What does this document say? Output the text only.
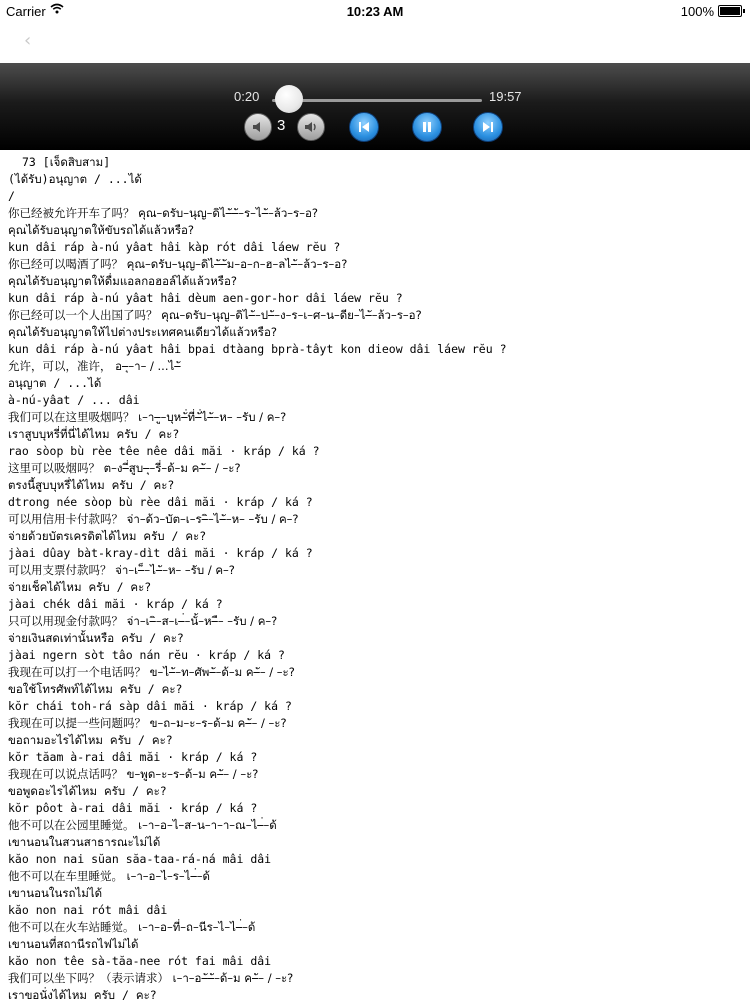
Carrier	10:23 AM	100%
‹
0:20	19:57
3
73 [เจ็ดสิบสาม]
(ได้รับ)อนุญาต / ...ได้
/
你已经被允许开车了吗？ คุณ–ดรับ–นุญ–ดิไ–ั–ั–ร–ไ–ั–ล้ว–ร–อ?
คุณได้รับอนุญาตให้ขับรถได้แล้วหรือ?
kun dâi ráp à-nú yâat hâi kàp rót dâi láew rĕu ?
你已经可以喝酒了吗？ คุณ–ดรับ–นุญ–ดิไ–ั–ัม–อ–ก–ฮ–ลไ–ั–ล้ว–ร–อ?
คุณได้รับอนุญาตให้ดื่มแอลกอฮอล์ได้แล้วหรือ?
kun dâi ráp à-nú yâat hâi dèum aen-gor-hor dâi láew rĕu ?
你已经可以一个人出国了吗？ คุณ–ดรับ–นุญ–ดิไ–ั–ป–ั–ง–ร–เ–ศ–น–ดีย–ไ–ั–ล้ว–ร–อ?
คุณได้รับอนุญาตให้ไปต่างประเทศคนเดียวได้แล้วหรือ?
kun dâi ráp à-nú yâat hâi bpai dtàang bprà-tâyt kon dieow dâi láew rĕu ?
允许，可以，准许， อ–ุ–า– / ...ไ–ั
อนุญาต / ...ได้
à-nú-yâat / ... dâi
我们可以在这里吸烟吗？ เ–า–ู–บุห–ั่ที่–ั่ไ–ั–ห– –รับ / ค–?
เราสูบบุหรี่ที่นี่ได้ไหม ครับ / คะ?
rao sòop bù rèe têe nêe dâi măi · kráp / ká ?
这里可以吸烟吗？ ต–ง–ี่สูบ–ุ–รี่–ด้–ม ค–ั– / –ะ?
ตรงนี้สูบบุหรี่ได้ไหม ครับ / คะ?
dtrong née sòop bù rèe dâi măi · kráp / ká ?
可以用信用卡付款吗？ จ่า–ด้ว–บัต–เ–ร–ิ–ไ–ั–ห– –รับ / ค–?
จ่ายด้วยบัตรเครดิตได้ไหม ครับ / คะ?
jàai dûay bàt-kray-dìt dâi măi · kráp / ká ?
可以用支票付款吗？ จ่า–เ–็–ไ–ั–ห– –รับ / ค–?
จ่ายเช็คได้ไหม ครับ / คะ?
jàai chék dâi măi · kráp / ká ?
只可以用现金付款吗？ จ่า–เ–ิ–ส–เ–่–นั้–ห–ื– –รับ / ค–?
จ่ายเงินสดเท่านั้นหรือ ครับ / คะ?
jàai ngern sòt tâo nán rĕu · kráp / ká ?
我现在可以打一个电话吗？ ข–ไ–ั–ท–ศัพ–ั–ด้–ม ค–ั– / –ะ?
ขอใช้โทรศัพท์ได้ไหม ครับ / คะ?
kŏr chái toh-rá sàp dâi măi · kráp / ká ?
我现在可以提一些问题吗？ ข–ถ–ม–ะ–ร–ด้–ม ค–ั– / –ะ?
ขอถามอะไรได้ไหม ครับ / คะ?
kŏr tăam à-rai dâi măi · kráp / ká ?
我现在可以说点话吗？ ข–พูด–ะ–ร–ด้–ม ค–ั– / –ะ?
ขอพูดอะไรได้ไหม ครับ / คะ?
kŏr pôot à-rai dâi măi · kráp / ká ?
他不可以在公园里睡觉。 เ–า–อ–ไ–ส–น–า–า–ณ–ไ–่–ด้
เขานอนในสวนสาธารณะไม่ได้
kăo non nai sŭan săa-taa-rá-ná mâi dâi
他不可以在车里睡觉。 เ–า–อ–ไ–ร–ไ–่–ด้
เขานอนในรถไม่ได้
kăo non nai rót mâi dâi
他不可以在火车站睡觉。 เ–า–อ–ที่–ถ–นีร–ไ–ไ–่–ด้
เขานอนที่สถานีรถไฟไม่ได้
kăo non têe sà-tăa-nee rót fai mâi dâi
我们可以坐下吗？（表示请求） เ–า–อ–ั–ั–ด้–ม ค–ั– / –ะ?
เราขอนั่งได้ไหม ครับ / คะ?
